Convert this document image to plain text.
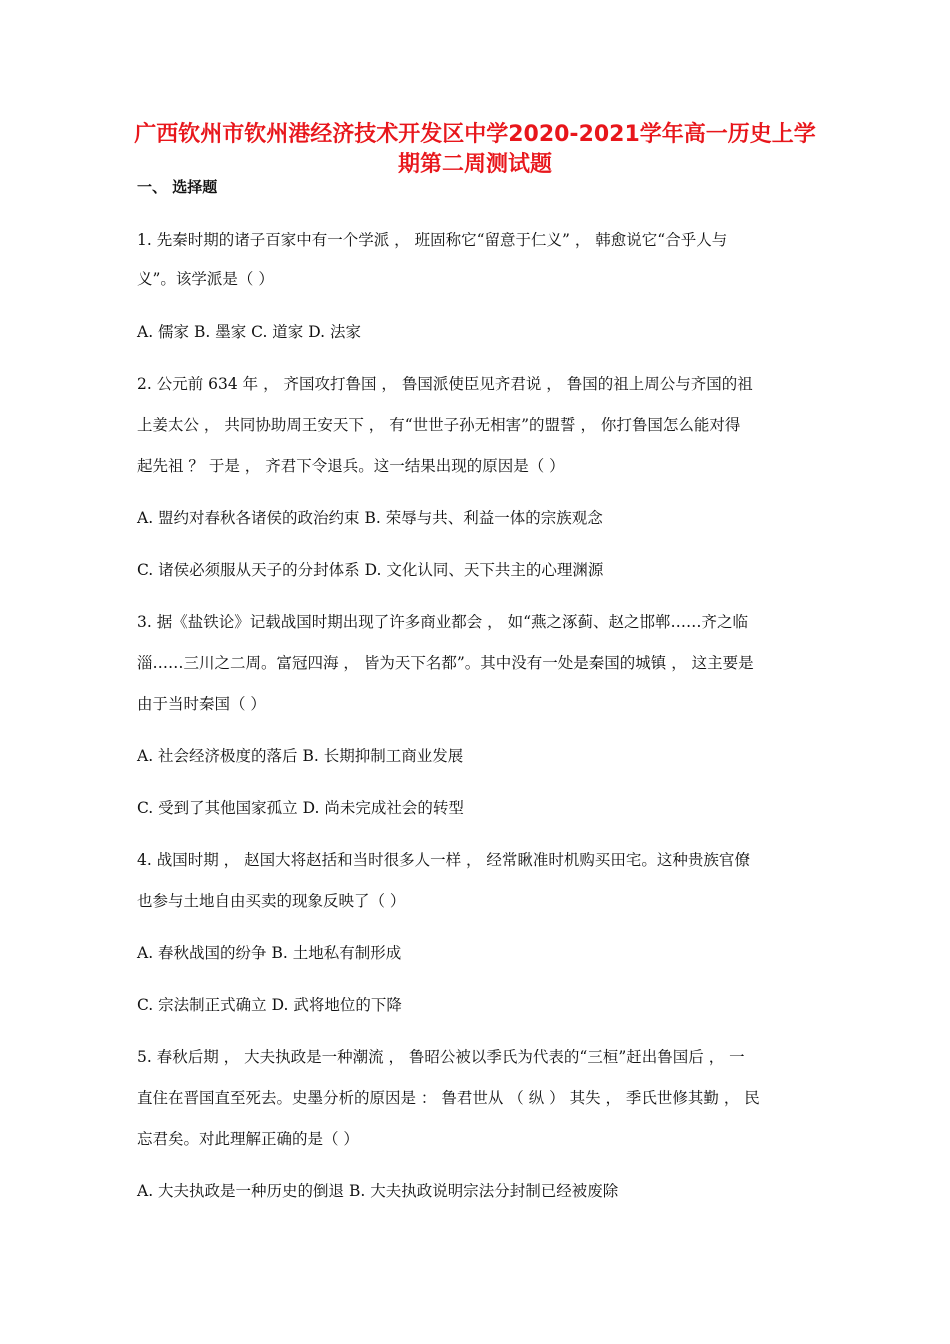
广西钦州市钦州港经济技术开发区中学2020-2021学年高一历史上学
期第二周测试题
一、 选择题
1. 先秦时期的诸子百家中有一个学派 ， 班固称它“留意于仁义” ， 韩愈说它“合乎人与
义”。该学派是（ ）
A. 儒家 B. 墨家 C. 道家 D. 法家
2. 公元前 634 年 ， 齐国攻打鲁国 ， 鲁国派使臣见齐君说 ， 鲁国的祖上周公与齐国的祖
上姜太公 ， 共同协助周王安天下 ， 有“世世子孙无相害”的盟誓 ， 你打鲁国怎么能对得
起先祖 ？ 于是 ， 齐君下令退兵。这一结果出现的原因是（ ）
A. 盟约对春秋各诸侯的政治约束 B. 荣辱与共、利益一体的宗族观念
C. 诸侯必须服从天子的分封体系 D. 文化认同、天下共主的心理渊源
3. 据《盐铁论》记载战国时期出现了许多商业都会 ， 如“燕之涿蓟、赵之邯郸……齐之临
淄……三川之二周。富冠四海 ， 皆为天下名都”。其中没有一处是秦国的城镇 ， 这主要是
由于当时秦国（ ）
A. 社会经济极度的落后 B. 长期抑制工商业发展
C. 受到了其他国家孤立 D. 尚未完成社会的转型
4. 战国时期 ， 赵国大将赵括和当时很多人一样 ， 经常瞅准时机购买田宅。这种贵族官僚
也参与土地自由买卖的现象反映了（ ）
A. 春秋战国的纷争 B. 土地私有制形成
C. 宗法制正式确立 D. 武将地位的下降
5. 春秋后期 ， 大夫执政是一种潮流 ， 鲁昭公被以季氏为代表的“三桓”赶出鲁国后 ， 一
直住在晋国直至死去。史墨分析的原因是 ： 鲁君世从 （ 纵 ） 其失 ， 季氏世修其勤 ， 民
忘君矣。对此理解正确的是（ ）
A. 大夫执政是一种历史的倒退 B. 大夫执政说明宗法分封制已经被废除
